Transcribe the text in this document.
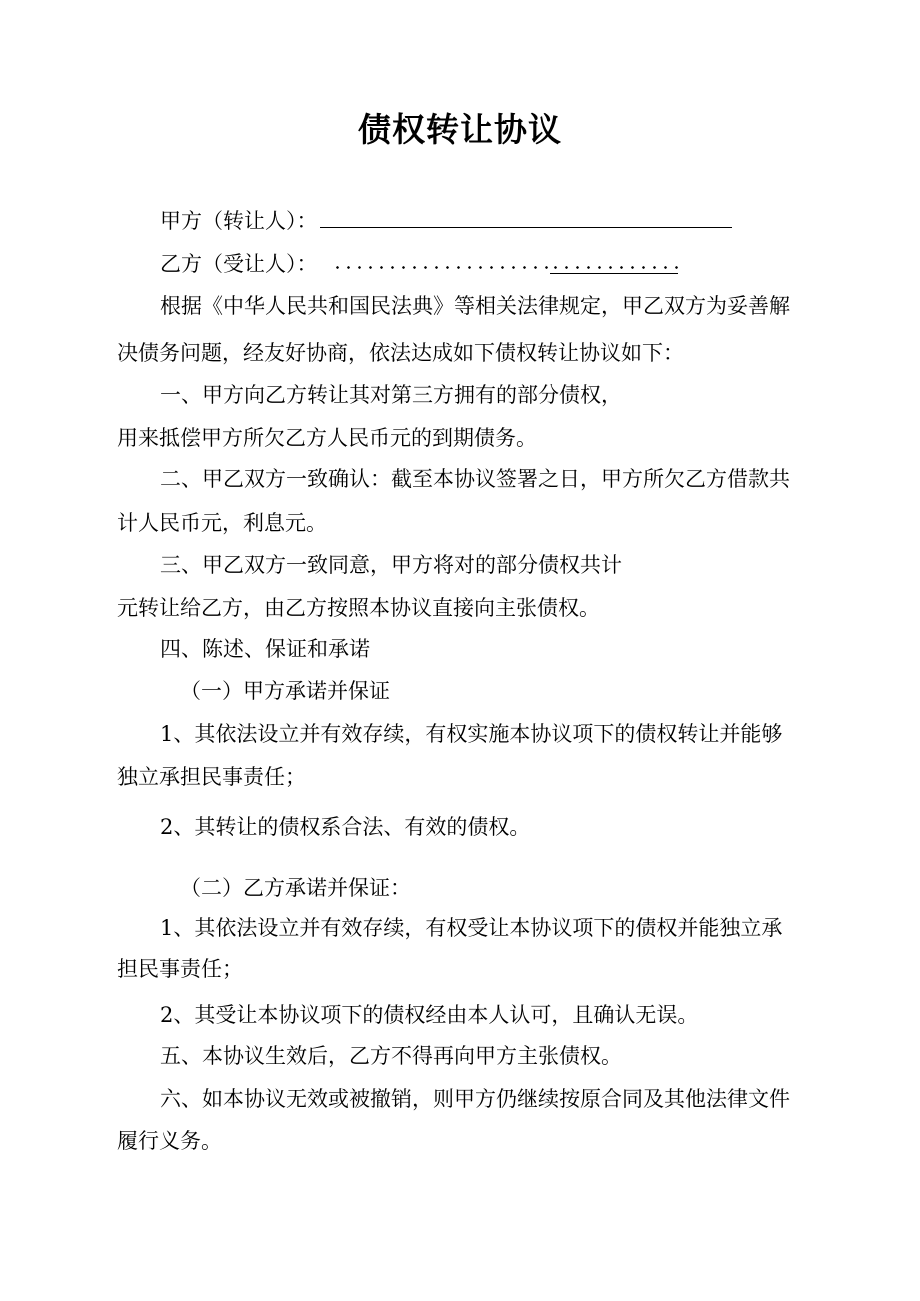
债权转让协议
甲方（转让人）：
乙方（受让人）：
根据《中华人民共和国民法典》等相关法律规定，甲乙双方为妥善解
决债务问题，经友好协商，依法达成如下债权转让协议如下：
一、甲方向乙方转让其对第三方拥有的部分债权，
用来抵偿甲方所欠乙方人民币元的到期债务。
二、甲乙双方一致确认：截至本协议签署之日，甲方所欠乙方借款共
计人民币元，利息元。
三、甲乙双方一致同意，甲方将对的部分债权共计
元转让给乙方，由乙方按照本协议直接向主张债权。
四、陈述、保证和承诺
（一）甲方承诺并保证
1、其依法设立并有效存续，有权实施本协议项下的债权转让并能够
独立承担民事责任；
2、其转让的债权系合法、有效的债权。
（二）乙方承诺并保证：
1、其依法设立并有效存续，有权受让本协议项下的债权并能独立承
担民事责任；
2、其受让本协议项下的债权经由本人认可，且确认无误。
五、本协议生效后，乙方不得再向甲方主张债权。
六、如本协议无效或被撤销，则甲方仍继续按原合同及其他法律文件
履行义务。
